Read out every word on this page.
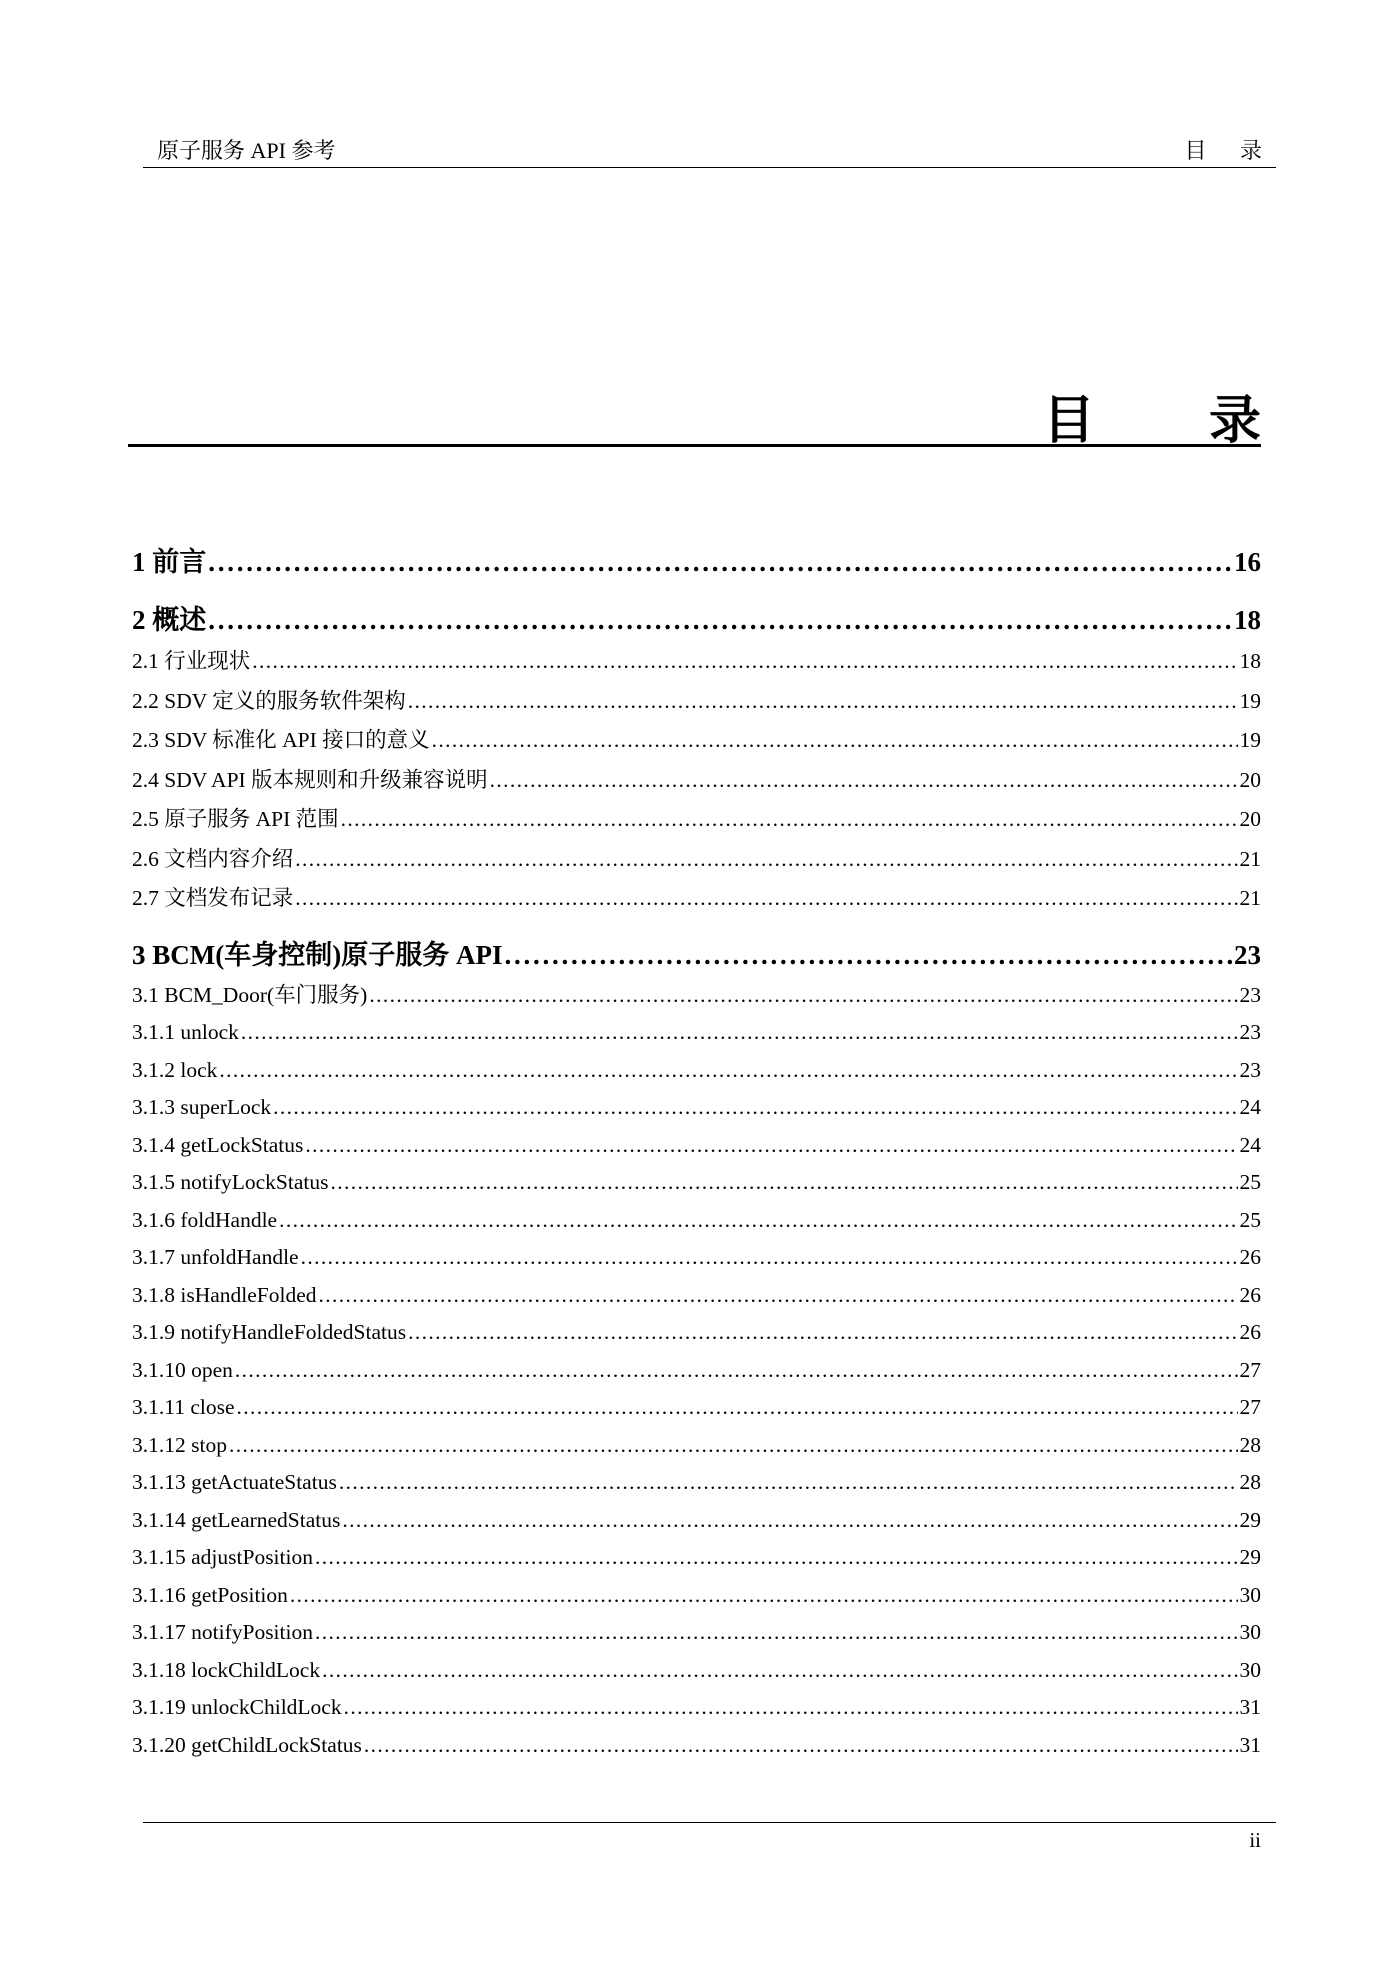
原子服务 API 参考	目 录
目 录
1 前言 . . .	16
2 概述 . . .	18
2.1 行业现状 . . .	18
2.2 SDV 定义的服务软件架构 . . .	19
2.3 SDV 标准化 API 接口的意义 . . .	19
2.4 SDV API 版本规则和升级兼容说明 . . .	20
2.5 原子服务 API 范围 . . .	20
2.6 文档内容介绍 . . .	21
2.7 文档发布记录 . . .	21
3 BCM(车身控制)原子服务 API . . .	23
3.1 BCM_Door(车门服务) . . .	23
3.1.1 unlock . . .	23
3.1.2 lock . . .	23
3.1.3 superLock . . .	24
3.1.4 getLockStatus . . .	24
3.1.5 notifyLockStatus . . .	25
3.1.6 foldHandle . . .	25
3.1.7 unfoldHandle . . .	26
3.1.8 isHandleFolded . . .	26
3.1.9 notifyHandleFoldedStatus . . .	26
3.1.10 open . . .	27
3.1.11 close . . .	27
3.1.12 stop . . .	28
3.1.13 getActuateStatus . . .	28
3.1.14 getLearnedStatus . . .	29
3.1.15 adjustPosition . . .	29
3.1.16 getPosition . . .	30
3.1.17 notifyPosition . . .	30
3.1.18 lockChildLock . . .	30
3.1.19 unlockChildLock . . .	31
3.1.20 getChildLockStatus . . .	31
ii
